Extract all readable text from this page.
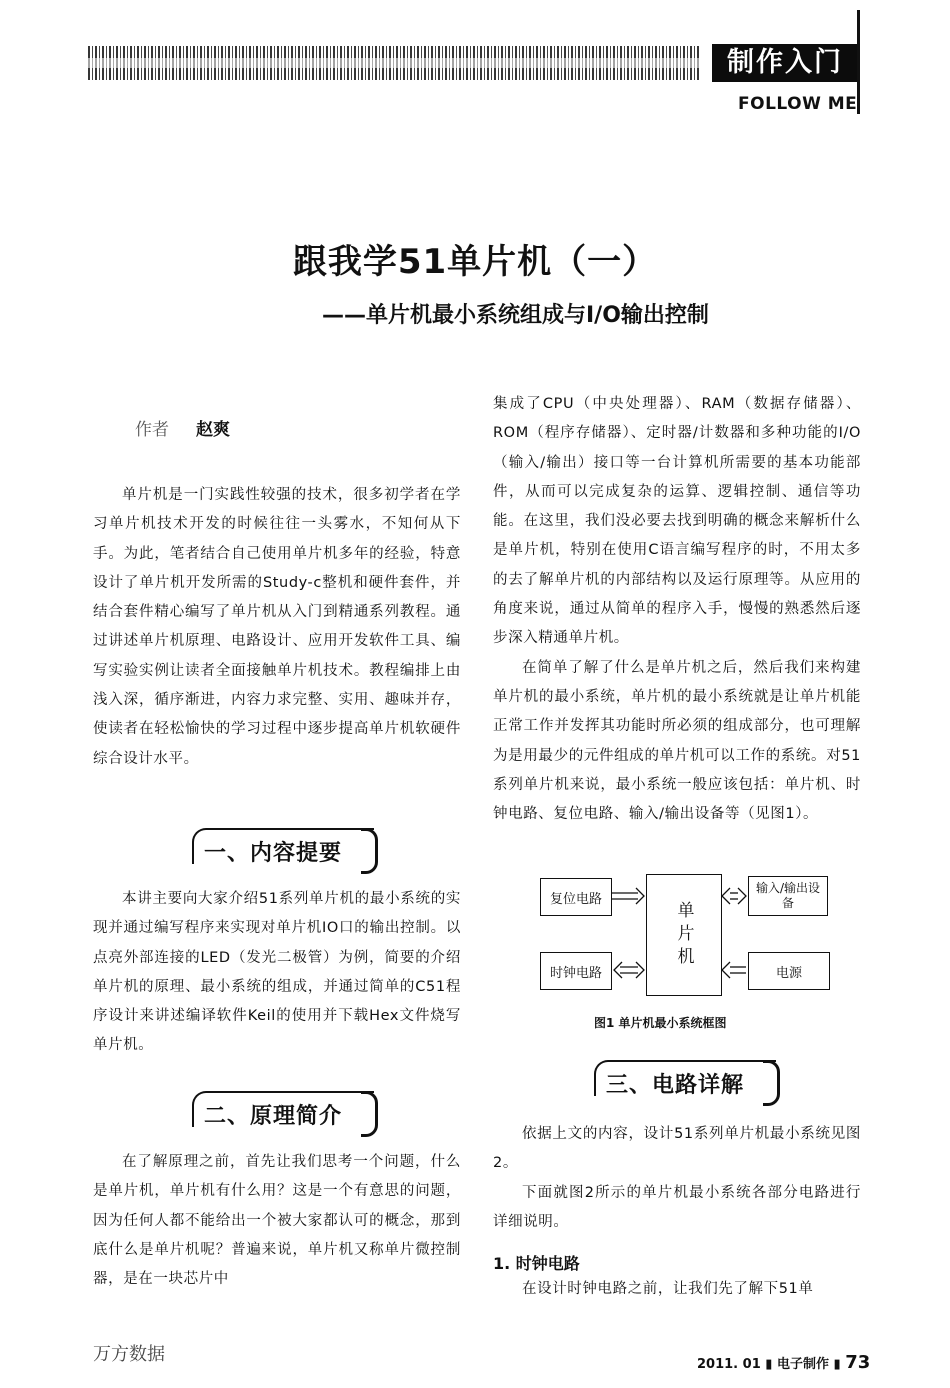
制作入门
FOLLOW ME
跟我学51单片机（一）
——单片机最小系统组成与I/O输出控制
作者 赵爽

单片机是一门实践性较强的技术，很多初学者在学习单片机技术开发的时候往往一头雾水，不知何从下手。为此，笔者结合自己使用单片机多年的经验，特意设计了单片机开发所需的Study-c整机和硬件套件，并结合套件精心编写了单片机从入门到精通系列教程。通过讲述单片机原理、电路设计、应用开发软件工具、编写实验实例让读者全面接触单片机技术。教程编排上由浅入深，循序渐进，内容力求完整、实用、趣味并存，使读者在轻松愉快的学习过程中逐步提高单片机软硬件综合设计水平。

一、内容提要

本讲主要向大家介绍51系列单片机的最小系统的实现并通过编写程序来实现对单片机IO口的输出控制。以点亮外部连接的LED（发光二极管）为例，简要的介绍单片机的原理、最小系统的组成，并通过简单的C51程序设计来讲述编译软件Keil的使用并下载Hex文件烧写单片机。

二、原理简介

在了解原理之前，首先让我们思考一个问题，什么是单片机，单片机有什么用？这是一个有意思的问题，因为任何人都不能给出一个被大家都认可的概念，那到底什么是单片机呢？普遍来说，单片机又称单片微控制器，是在一块芯片中

集成了CPU（中央处理器）、RAM（数据存储器）、ROM（程序存储器）、定时器/计数器和多种功能的I/O（输入/输出）接口等一台计算机所需要的基本功能部件，从而可以完成复杂的运算、逻辑控制、通信等功能。在这里，我们没必要去找到明确的概念来解析什么是单片机，特别在使用C语言编写程序的时，不用太多的去了解单片机的内部结构以及运行原理等。从应用的角度来说，通过从简单的程序入手，慢慢的熟悉然后逐步深入精通单片机。

在简单了解了什么是单片机之后，然后我们来构建单片机的最小系统，单片机的最小系统就是让单片机能正常工作并发挥其功能时所必须的组成部分，也可理解为是用最少的元件组成的单片机可以工作的系统。对51系列单片机来说，最小系统一般应该包括：单片机、时钟电路、复位电路、输入/输出设备等（见图1）。

复位电路
时钟电路
单片机
输入/输出设备
电源
图1 单片机最小系统框图
三、电路详解

依据上文的内容，设计51系列单片机最小系统见图2。

下面就图2所示的单片机最小系统各部分电路进行详细说明。

1. 时钟电路

在设计时钟电路之前，让我们先了解下51单

万方数据	2011. 01 ▮ 电子制作 ▮ 73
